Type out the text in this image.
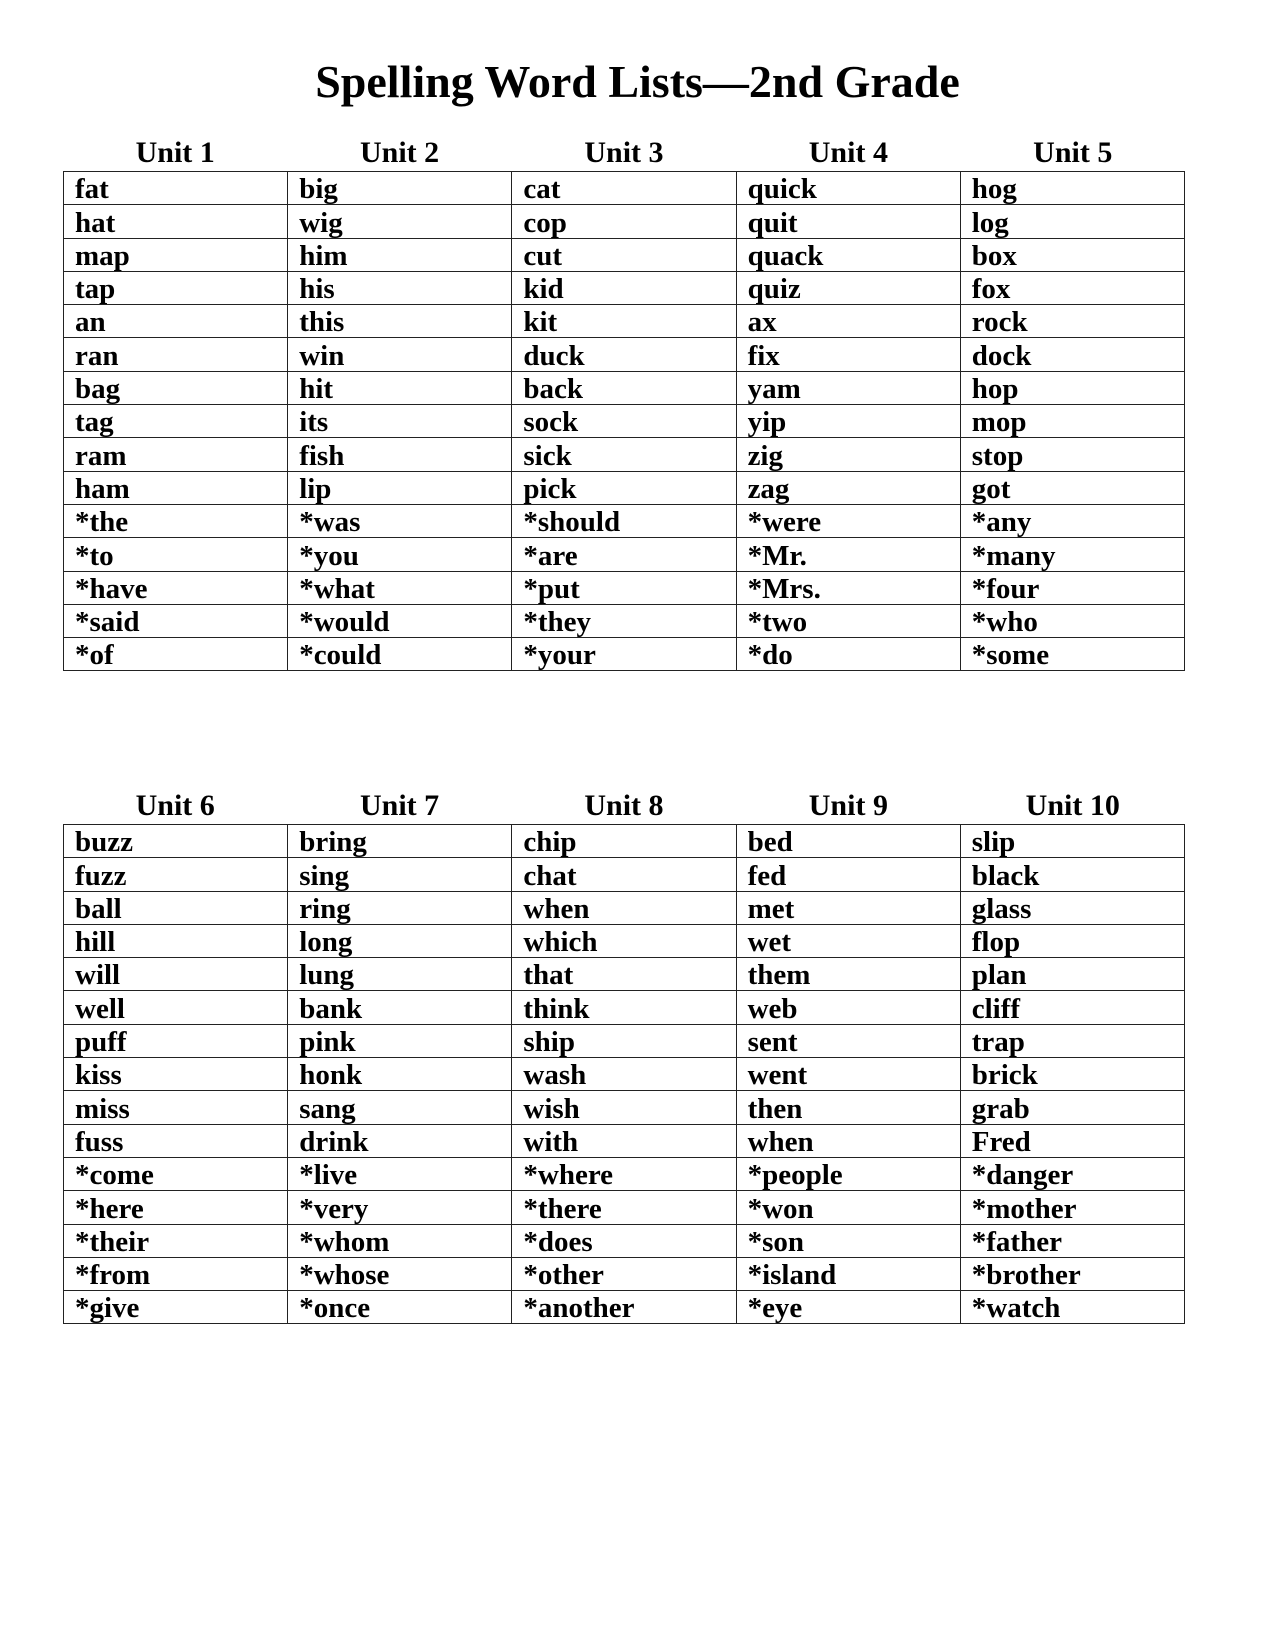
Spelling Word Lists—2nd Grade
Unit 1	Unit 2	Unit 3	Unit 4	Unit 5
fat	big	cat	quick	hog
hat	wig	cop	quit	log
map	him	cut	quack	box
tap	his	kid	quiz	fox
an	this	kit	ax	rock
ran	win	duck	fix	dock
bag	hit	back	yam	hop
tag	its	sock	yip	mop
ram	fish	sick	zig	stop
ham	lip	pick	zag	got
*the	*was	*should	*were	*any
*to	*you	*are	*Mr.	*many
*have	*what	*put	*Mrs.	*four
*said	*would	*they	*two	*who
*of	*could	*your	*do	*some
Unit 6	Unit 7	Unit 8	Unit 9	Unit 10
buzz	bring	chip	bed	slip
fuzz	sing	chat	fed	black
ball	ring	when	met	glass
hill	long	which	wet	flop
will	lung	that	them	plan
well	bank	think	web	cliff
puff	pink	ship	sent	trap
kiss	honk	wash	went	brick
miss	sang	wish	then	grab
fuss	drink	with	when	Fred
*come	*live	*where	*people	*danger
*here	*very	*there	*won	*mother
*their	*whom	*does	*son	*father
*from	*whose	*other	*island	*brother
*give	*once	*another	*eye	*watch
